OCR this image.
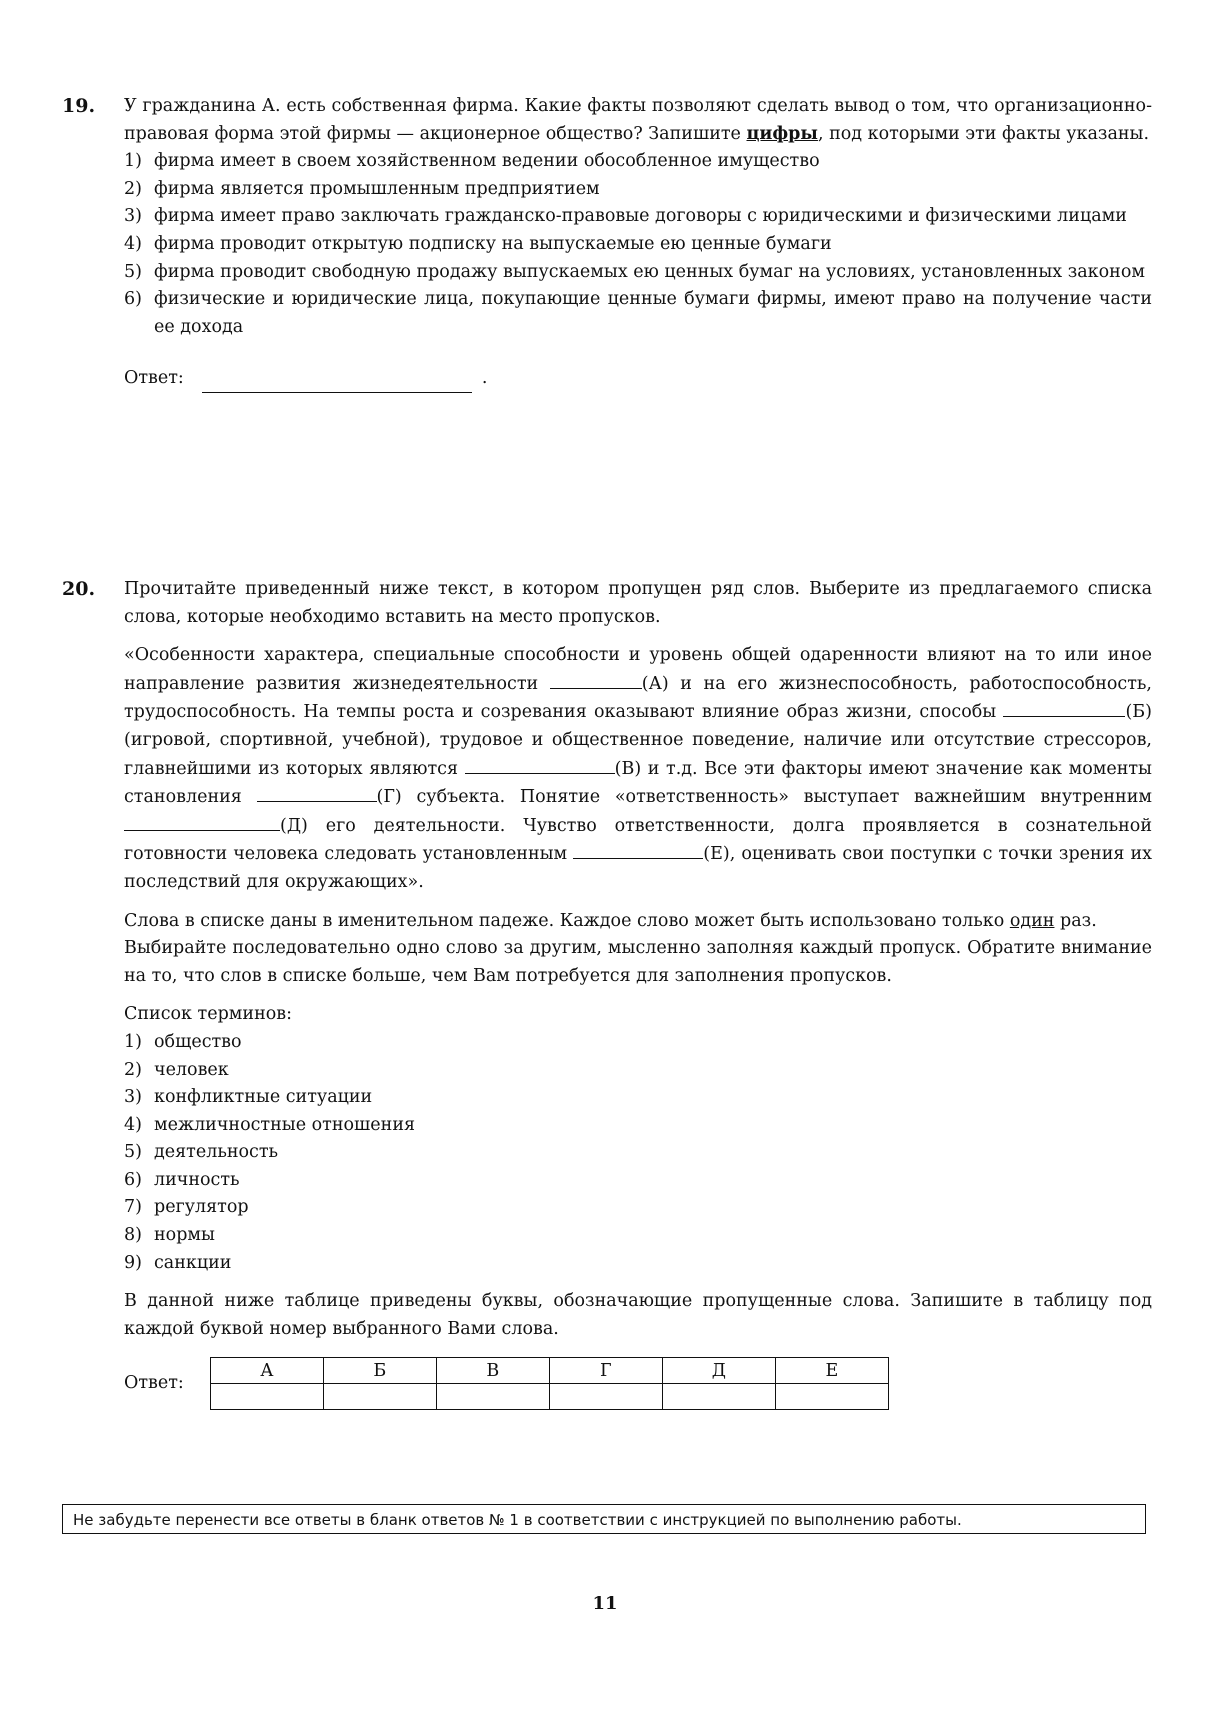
19. У гражданина А. есть собственная фирма. Какие факты позволяют сделать вывод о том, что организационно-правовая форма этой фирмы — акционерное общество? Запишите цифры, под которыми эти факты указаны.

1) фирма имеет в своем хозяйственном ведении обособленное имущество
2) фирма является промышленным предприятием
3) фирма имеет право заключать гражданско-правовые договоры с юридическими и физическими лицами
4) фирма проводит открытую подписку на выпускаемые ею ценные бумаги
5) фирма проводит свободную продажу выпускаемых ею ценных бумаг на условиях, установленных законом
6) физические и юридические лица, покупающие ценные бумаги фирмы, имеют право на получение части ее дохода
Ответ:	.
20. Прочитайте приведенный ниже текст, в котором пропущен ряд слов. Выберите из предлагаемого списка слова, которые необходимо вставить на место пропусков.

«Особенности характера, специальные способности и уровень общей одаренности влияют на то или иное направление развития жизнедеятельности	(А) и на его жизнеспособность, работоспособность, трудоспособность. На темпы роста и созревания оказывают влияние образ жизни, способы	(Б) (игровой, спортивной, учебной), трудовое и общественное поведение, наличие или отсутствие стрессоров, главнейшими из которых являются	(В) и т.д. Все эти факторы имеют значение как моменты становления	(Г) субъекта. Понятие «ответственность» выступает важнейшим внутренним (Д) его деятельности. Чувство ответственности, долга проявляется в сознательной готовности человека следовать установленным	(Е), оценивать свои поступки с точки зрения их последствий для окружающих».

Слова в списке даны в именительном падеже. Каждое слово может быть использовано только один раз.

Выбирайте последовательно одно слово за другим, мысленно заполняя каждый пропуск. Обратите внимание на то, что слов в списке больше, чем Вам потребуется для заполнения пропусков.

Список терминов:
1) общество
2) человек
3) конфликтные ситуации
4) межличностные отношения
5) деятельность
6) личность
7) регулятор
8) нормы
9) санкции

В данной ниже таблице приведены буквы, обозначающие пропущенные слова. Запишите в таблицу под каждой буквой номер выбранного Вами слова.

Ответ:
А	Б	В	Г	Д	Е

Не забудьте перенести все ответы в бланк ответов № 1 в соответствии с инструкцией по выполнению работы.
11
